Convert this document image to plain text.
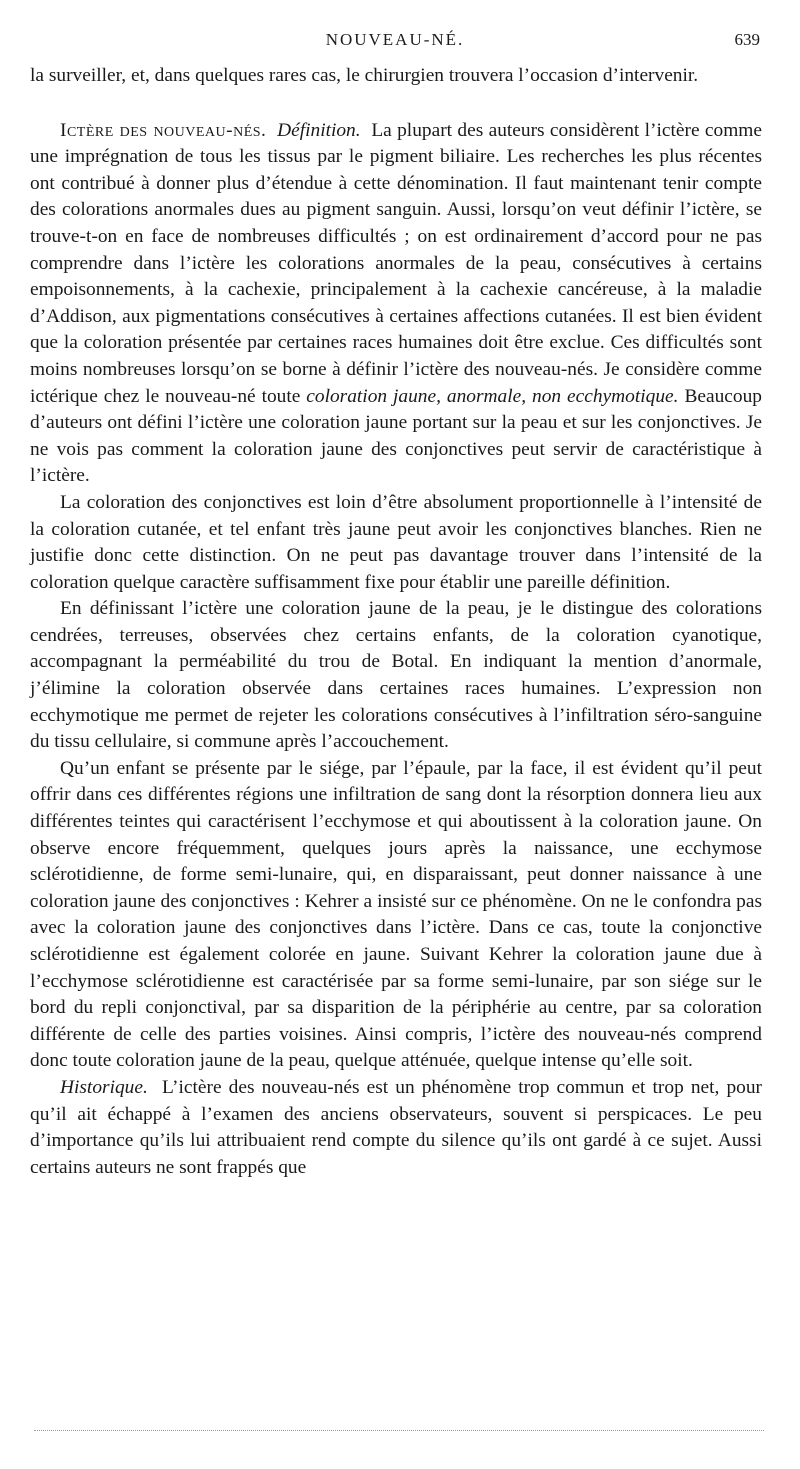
NOUVEAU-NÉ.	639

la surveiller, et, dans quelques rares cas, le chirurgien trouvera l’occasion d’intervenir.

Ictère des nouveau-nés. Définition. La plupart des auteurs considèrent l’ictère comme une imprégnation de tous les tissus par le pigment biliaire. Les recherches les plus récentes ont contribué à donner plus d’étendue à cette dénomination. Il faut maintenant tenir compte des colorations anormales dues au pigment sanguin. Aussi, lorsqu’on veut définir l’ictère, se trouve-t-on en face de nombreuses difficultés ; on est ordinairement d’accord pour ne pas comprendre dans l’ictère les colorations anormales de la peau, consécutives à certains empoisonnements, à la cachexie, principalement à la cachexie cancéreuse, à la maladie d’Addison, aux pigmentations consécutives à certaines affections cutanées. Il est bien évident que la coloration présentée par certaines races humaines doit être exclue. Ces difficultés sont moins nombreuses lorsqu’on se borne à définir l’ictère des nouveau-nés. Je considère comme ictérique chez le nouveau-né toute coloration jaune, anormale, non ecchymotique. Beaucoup d’auteurs ont défini l’ictère une coloration jaune portant sur la peau et sur les conjonctives. Je ne vois pas comment la coloration jaune des conjonctives peut servir de caractéristique à l’ictère.

La coloration des conjonctives est loin d’être absolument proportionnelle à l’intensité de la coloration cutanée, et tel enfant très jaune peut avoir les conjonctives blanches. Rien ne justifie donc cette distinction. On ne peut pas davantage trouver dans l’intensité de la coloration quelque caractère suffisamment fixe pour établir une pareille définition.

En définissant l’ictère une coloration jaune de la peau, je le distingue des colorations cendrées, terreuses, observées chez certains enfants, de la coloration cyanotique, accompagnant la perméabilité du trou de Botal. En indiquant la mention d’anormale, j’élimine la coloration observée dans certaines races humaines. L’expression non ecchymotique me permet de rejeter les colorations consécutives à l’infiltration séro-sanguine du tissu cellulaire, si commune après l’accouchement.

Qu’un enfant se présente par le siége, par l’épaule, par la face, il est évident qu’il peut offrir dans ces différentes régions une infiltration de sang dont la résorption donnera lieu aux différentes teintes qui caractérisent l’ecchymose et qui aboutissent à la coloration jaune. On observe encore fréquemment, quelques jours après la naissance, une ecchymose sclérotidienne, de forme semi-lunaire, qui, en disparaissant, peut donner naissance à une coloration jaune des conjonctives : Kehrer a insisté sur ce phénomène. On ne le confondra pas avec la coloration jaune des conjonctives dans l’ictère. Dans ce cas, toute la conjonctive sclérotidienne est également colorée en jaune. Suivant Kehrer la coloration jaune due à l’ecchymose sclérotidienne est caractérisée par sa forme semi-lunaire, par son siége sur le bord du repli conjonctival, par sa disparition de la périphérie au centre, par sa coloration différente de celle des parties voisines. Ainsi compris, l’ictère des nouveau-nés comprend donc toute coloration jaune de la peau, quelque atténuée, quelque intense qu’elle soit.

Historique. L’ictère des nouveau-nés est un phénomène trop commun et trop net, pour qu’il ait échappé à l’examen des anciens observateurs, souvent si perspicaces. Le peu d’importance qu’ils lui attribuaient rend compte du silence qu’ils ont gardé à ce sujet. Aussi certains auteurs ne sont frappés que
